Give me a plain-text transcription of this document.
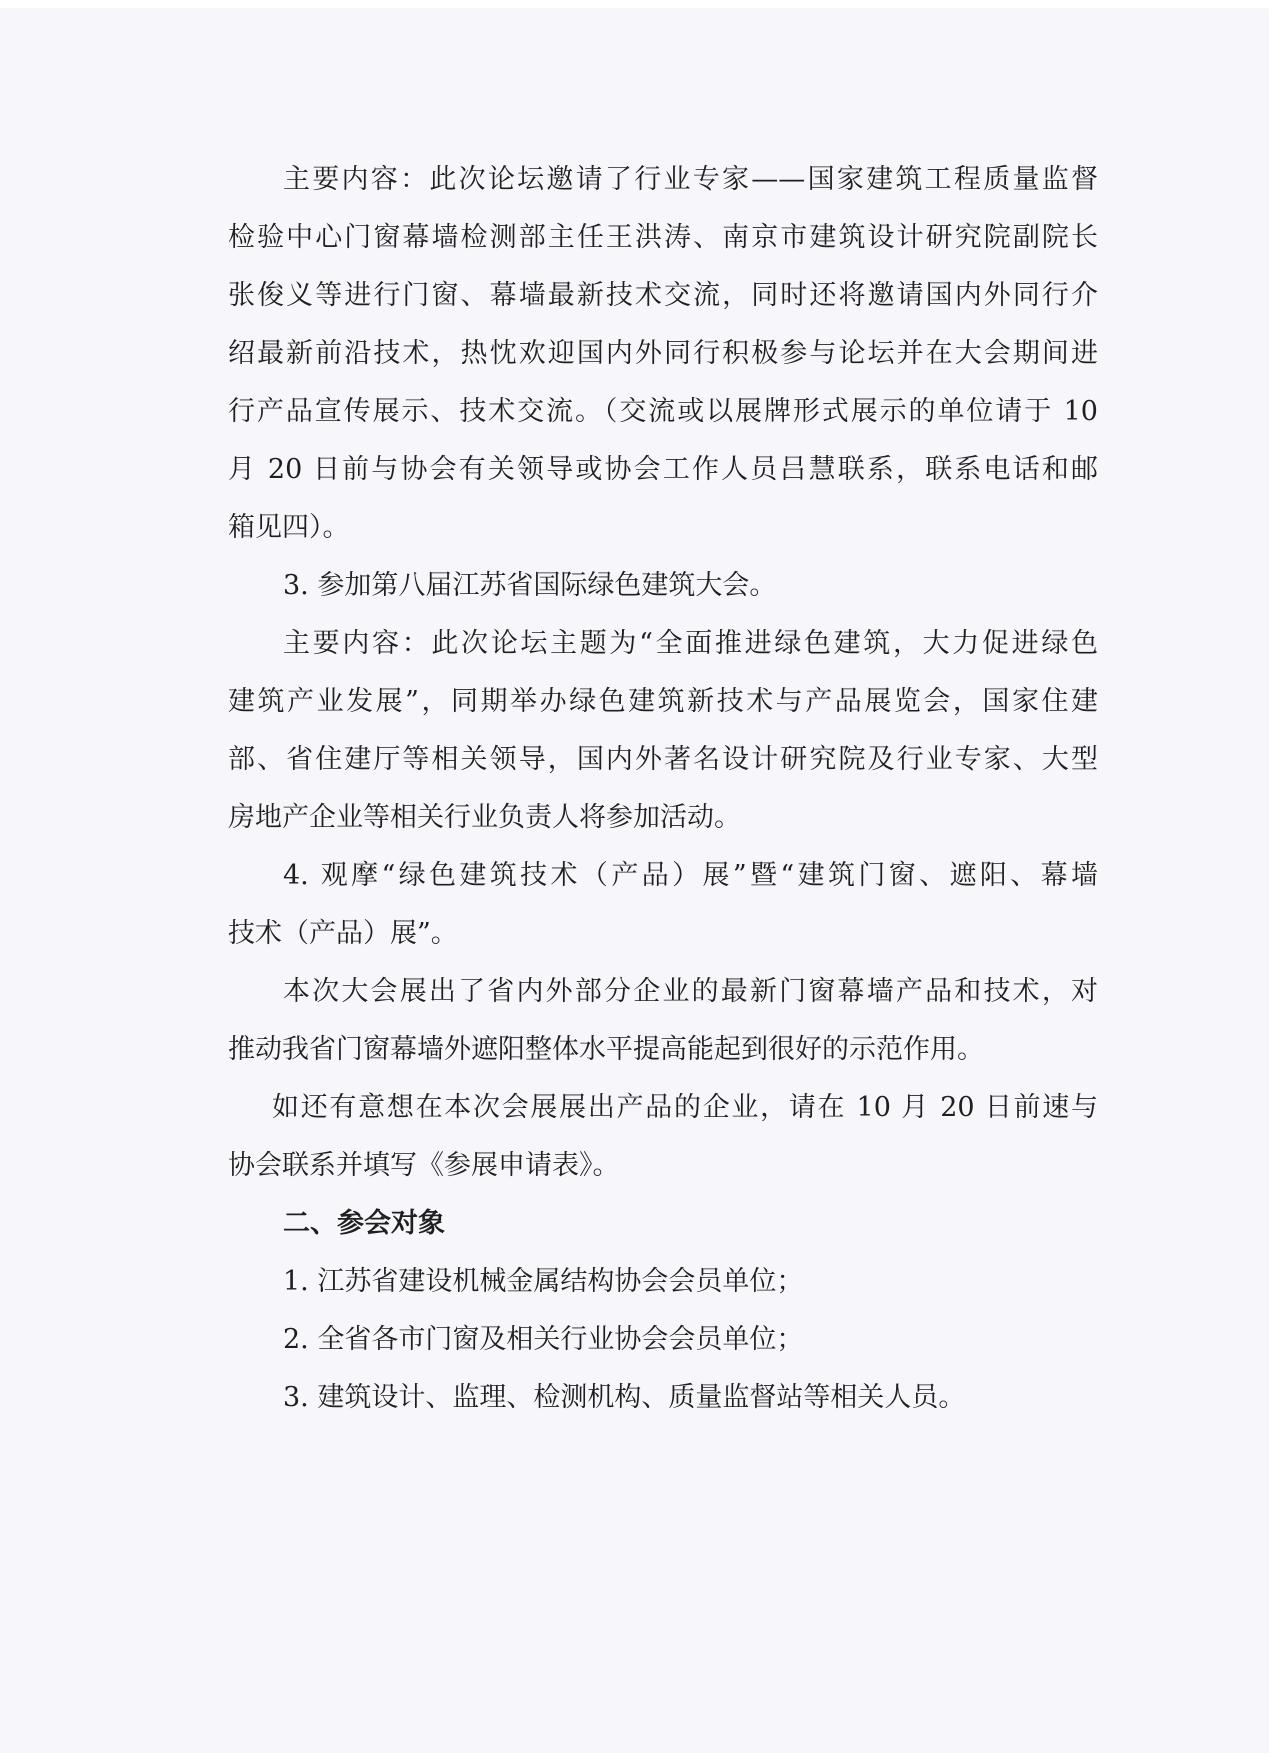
主要内容：此次论坛邀请了行业专家——国家建筑工程质量监督
检验中心门窗幕墙检测部主任王洪涛、南京市建筑设计研究院副院长
张俊义等进行门窗、幕墙最新技术交流，同时还将邀请国内外同行介
绍最新前沿技术，热忱欢迎国内外同行积极参与论坛并在大会期间进
行产品宣传展示、技术交流。（交流或以展牌形式展示的单位请于 10
月 20 日前与协会有关领导或协会工作人员吕慧联系，联系电话和邮
箱见四）。
3. 参加第八届江苏省国际绿色建筑大会。
主要内容：此次论坛主题为“全面推进绿色建筑，大力促进绿色
建筑产业发展”，同期举办绿色建筑新技术与产品展览会，国家住建
部、省住建厅等相关领导，国内外著名设计研究院及行业专家、大型
房地产企业等相关行业负责人将参加活动。
4. 观摩“绿色建筑技术（产品）展”暨“建筑门窗、遮阳、幕墙
技术（产品）展”。
本次大会展出了省内外部分企业的最新门窗幕墙产品和技术，对
推动我省门窗幕墙外遮阳整体水平提高能起到很好的示范作用。
如还有意想在本次会展展出产品的企业，请在 10 月 20 日前速与
协会联系并填写《参展申请表》。
二、参会对象
1. 江苏省建设机械金属结构协会会员单位；
2. 全省各市门窗及相关行业协会会员单位；
3. 建筑设计、监理、检测机构、质量监督站等相关人员。
